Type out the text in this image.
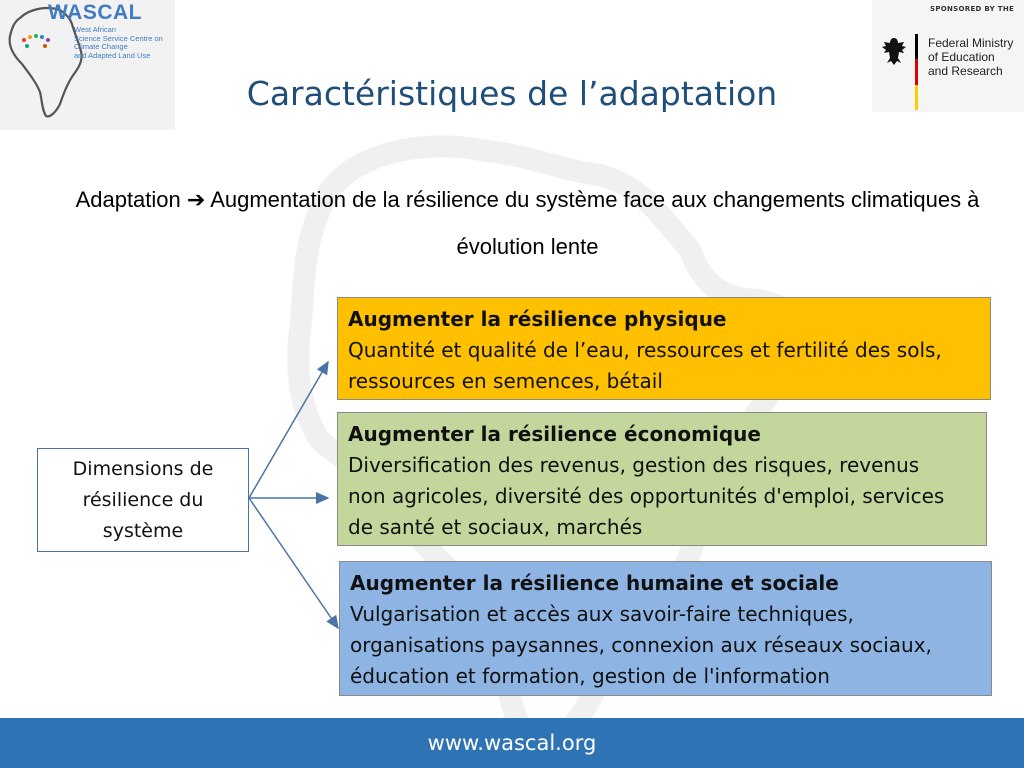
WASCAL
West African
Science Service Centre on
Climate Change
and Adapted Land Use
SPONSORED BY THE
Federal Ministry
of Education
and Research
Caractéristiques de l’adaptation
Adaptation ➔ Augmentation de la résilience du système face aux changements climatiques à évolution lente
Dimensions de
résilience du
système
Augmenter la résilience physique
Quantité et qualité de l’eau, ressources et fertilité des sols,
ressources en semences, bétail
Augmenter la résilience économique
Diversification des revenus, gestion des risques, revenus
non agricoles, diversité des opportunités d'emploi, services
de santé et sociaux, marchés
Augmenter la résilience humaine et sociale
Vulgarisation et accès aux savoir-faire techniques,
organisations paysannes, connexion aux réseaux sociaux,
éducation et formation, gestion de l'information
www.wascal.org
